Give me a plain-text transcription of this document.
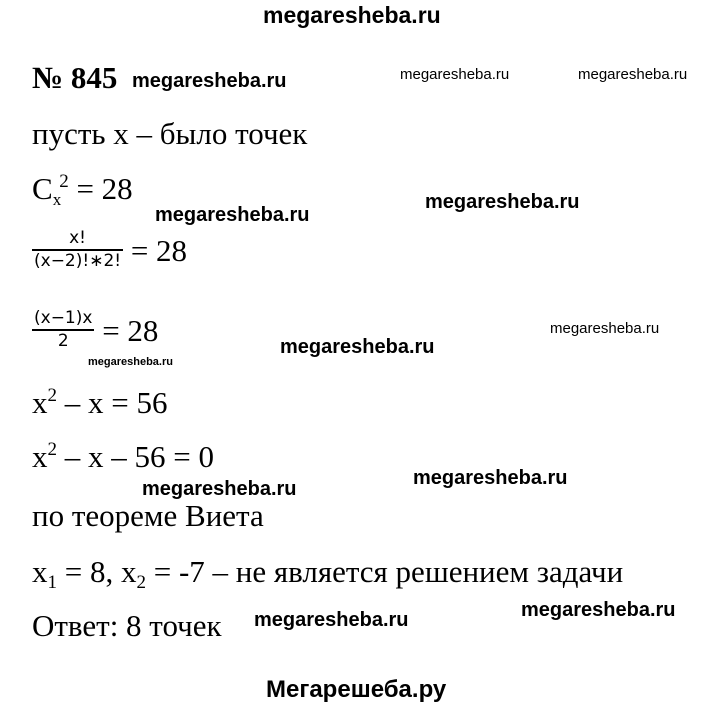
megaresheba.ru
megaresheba.ru	megaresheba.ru	megaresheba.ru
megaresheba.ru
megaresheba.ru
megaresheba.ru
megaresheba.ru
megaresheba.ru
megaresheba.ru
megaresheba.ru
megaresheba.ru	megaresheba.ru
Мегарешеба.ру
№ 845
пусть х – было точек
$C_x^2 = 28$
$\frac{x!}{(x-2)!∗2!} = 28$
$\frac{(x-1)x}{2} = 28$
$x^2 - x = 56$
$x^2 - x - 56 = 0$
по теореме Виета
$x_1 = 8$, $x_2 = -7$ – не является решением задачи
Ответ: 8 точек
